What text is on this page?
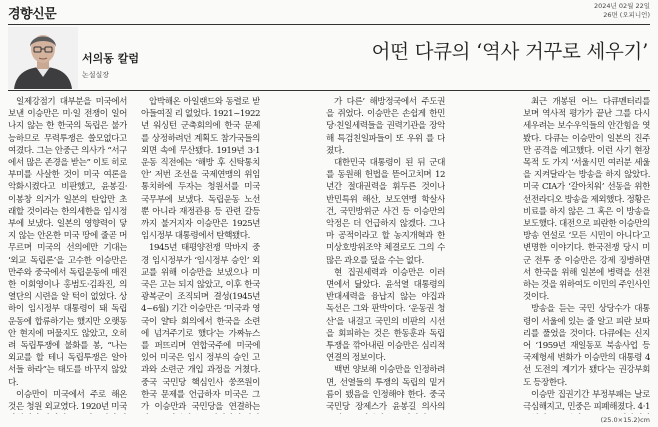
경향신문
2024년 02월 22일
26면 (오피니언)
서의동 칼럼
논설실장
어떤 다큐의 ‘역사 거꾸로 세우기’

일제강점기 대부분을 미국에서 보낸 이승만은 미·일 전쟁이 일어나지 않는 한 한국의 독립은 불가능하므로 무력투쟁은 쓸모없다고 여겼다. 그는 안중근 의사가 “서구에서 많은 존경을 받는” 이토 히로부미를 사살한 것이 미국 여론을 악화시켰다고 비판했고, 윤봉길·이봉창 의거가 일본의 탄압만 초래할 것이라는 한의세한을 임시정부에 보냈다. 일본의 영향력이 닿지 않는 안온한 미국 땅에 줄곧 머무르며 미국의 선의에만 기대는 ‘외교 독립론’을 고수한 이승만은 만주와 중국에서 독립운동에 매진한 이회영이나 홍범도·김좌진, 의열단의 시련을 알 턱이 없었다. 상하이 임시정부 대통령이 돼 독립운동에 합류하기는 했지만 오랫동안 현지에 머물지도 않았고, 오히려 독립투쟁에 불화를 봉, “나는 외교를 할 테니 독립투쟁은 알아서들 하라”는 태도를 바꾸지 않았다.

이승만이 미국에서 주로 해온 것은 청원 외교였다. 1920년 미국

압박해온 아일랜드와 동렬로 받아들여질 리 없었다. 1921~1922년 워싱턴 군축회의에 한국 문제를 상정하려던 계획도 참가국들의 외면 속에 무산됐다. 1919년 3·1운동 직전에는 ‘해방 후 신탁통치안’ 저번 조선을 국제연맹의 위임통치하에 두자는 청원서를 미국 국무부에 보냈다. 독립운동 노선뿐 아니라 재정관용 등 관련 갈등까지 불거지자 이승만은 1925년 임시정부 대통령에서 탄핵됐다.

1945년 태평양전쟁 막바지 중경 임시정부가 ‘임시정부 승인’ 외교를 위해 이승만을 보냈으나 미국은 고는 되지 않았고, 이후 한국광복군이 조직되며 결성(1945년 4~6월) 기간 이승만은 ‘미국과 영국이 얄타 회의에서 한국을 소련에 넘겨주기로 했다’는 가짜뉴스를 퍼뜨리며 연합국주에 미국에 있어 미국은 임시 정부의 승인 고과와 소련군 개입 과정을 거쳤다. 중국 국민당 핵심인사 쑹쯔원이 한국 문제를 언급하자 미국은 그가 이승만과 국민당을 연결하는

가 다른’ 해방정국에서 주도권을 쥐었다. 이승만은 손쉽게 한민당·친일세력들을 권력기관을 장악해 특검친일파들이 또 우위 를 다졌다.

대한민국 대통령이 된 뒤 군대를 동원해 헌법을 뜯어고치며 12년간 절대권력을 휘두른 것이나 반민특위 해산, 보도연맹 학살사건, 국민방위군 사건 등 이승만의 악정은 더 언급하지 않겠다. 그나마 공적이라고 할 농지개혁과 한미상호방위조약 체결로도 그의 수많은 과오를 덮을 수는 없다.

현 집권세력과 이승만은 이러 면에서 닮았다. 윤석열 대통령의 반대세력을 융납지 않는 야집과 독선은 그와 판박이다. ‘운동권 청산’을 내걸고 국민의 비판의 시선을 회피하는 것은 한동훈과 독립투쟁을 깎아내린 이승만은 심리적 연결의 정보이다.

백번 양보해 이승만을 인정하려면, 선열들의 투쟁의 독립의 밑거름이 됐음을 인정해야 한다. 중국 국민당 장제스가 윤봉길 의사의

최근 개봉된 어느 다큐멘터리를 보며 역사적 평가가 끝난 그를 다시 세우려는 보수우익들의 안간힘을 엿봤다. 다큐는 이승만이 일본의 진주만 공격을 예고했다. 이런 사기 현장 목적 도 가지 ‘서울시민 여러분 세울을 지켜달라’는 방송을 하지 않았다. 미국 CIA가 ‘갈아치워’ 선동을 위한 선전라디오 방송을 제외했다. 정황은 비료를 하지 않은 그 혹은 이 방송을 보도했다. 대전으로 피란한 이승만의 방송 연설로 ‘모든 시민이 아니다’고 변명한 이야기다. 한국전쟁 당시 미군 전투 중 이승만은 강제 징병하면서 한국을 위해 일본에 병력을 선전하는 것을 위하여도 이민의 주인사인 것이다.

방송을 듣는 국민 상당수가 대통령이 서울에 있는 줄 알고 피란 보따리를 풀었을 것이다. 다큐에는 신지어 ‘1959년 재일동포 북송사업 등 국제형세 변화가 이승만의 대통령 4선 도전의 계기가 됐다’는 권강부회도 등장한다.

이승만 집권기간 부정부패는 날로 극심해지고, 민중은 피폐해졌다. 4·1

(25.0×15.2)cm
